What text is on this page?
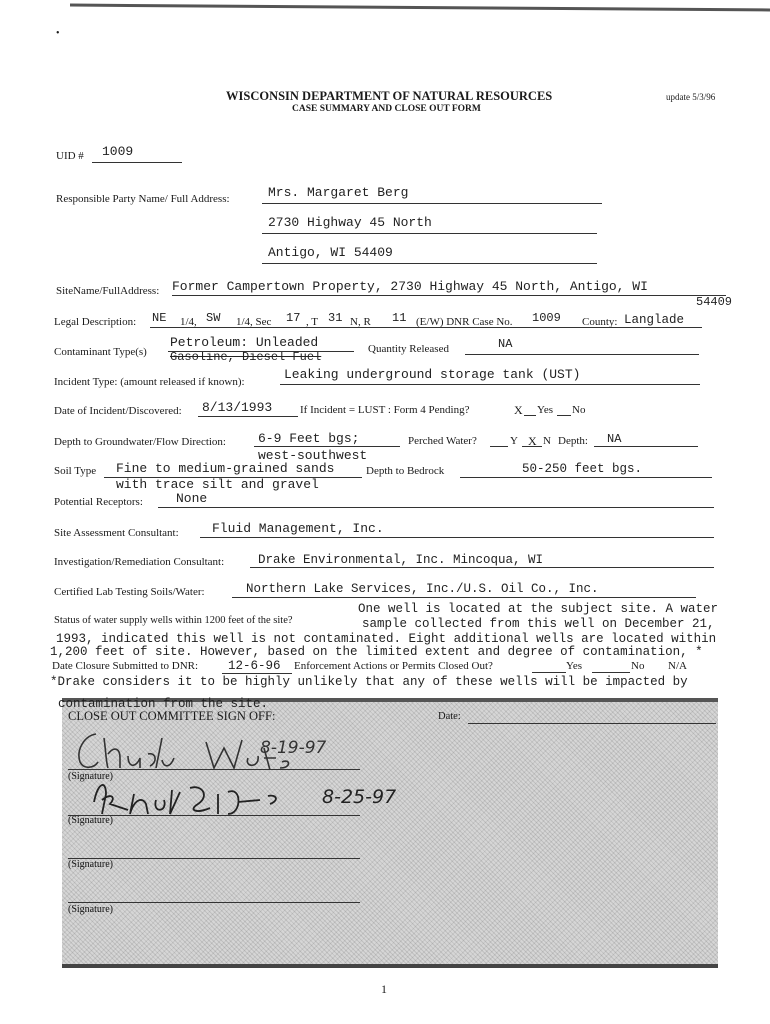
•
WISCONSIN DEPARTMENT OF NATURAL RESOURCES
CASE SUMMARY AND CLOSE OUT FORM
update 5/3/96
UID # 1009
Responsible Party Name/ Full Address:	Mrs. Margaret Berg
2730 Highway 45 North
Antigo, WI 54409
SiteName/FullAddress: Former Campertown Property, 2730 Highway 45 North, Antigo, WI
54409
Legal Description: NE 1/4, SW 1/4, Sec 17 , T 31 N, R 11 (E/W) DNR Case No. 1009 County: Langlade
Contaminant Type(s)
Petroleum: Unleaded
Gasoline, Diesel Fuel
Quantity Released	NA
Incident Type: (amount released if known):	Leaking underground storage tank (UST)
Date of Incident/Discovered: 8/13/1993	If Incident = LUST : Form 4 Pending?	X Yes No
Depth to Groundwater/Flow Direction: 6-9 Feet bgs;
west-southwest
Perched Water?	Y X N Depth: NA
Soil Type Fine to medium-grained sands
with trace silt and gravel
Depth to Bedrock	50-250 feet bgs.
Potential Receptors:	None
Site Assessment Consultant:	Fluid Management, Inc.
Investigation/Remediation Consultant:	Drake Environmental, Inc. Mincoqua, WI
Certified Lab Testing Soils/Water:	Northern Lake Services, Inc./U.S. Oil Co., Inc.
Status of water supply wells within 1200 feet of the site?
One well is located at the subject site. A water
sample collected from this well on December 21,
1993, indicated this well is not contaminated. Eight additional wells are located within
1,200 feet of site. However, based on the limited extent and degree of contamination, *
Date Closure Submitted to DNR: 12-6-96 Enforcement Actions or Permits Closed Out?	Yes	No N/A
*Drake considers it to be highly unlikely that any of these wells will be impacted by
contamination from the site.
CLOSE OUT COMMITTEE SIGN OFF:	Date:
8-19-97
(Signature)
8-25-97
(Signature)
(Signature)
(Signature)
1
